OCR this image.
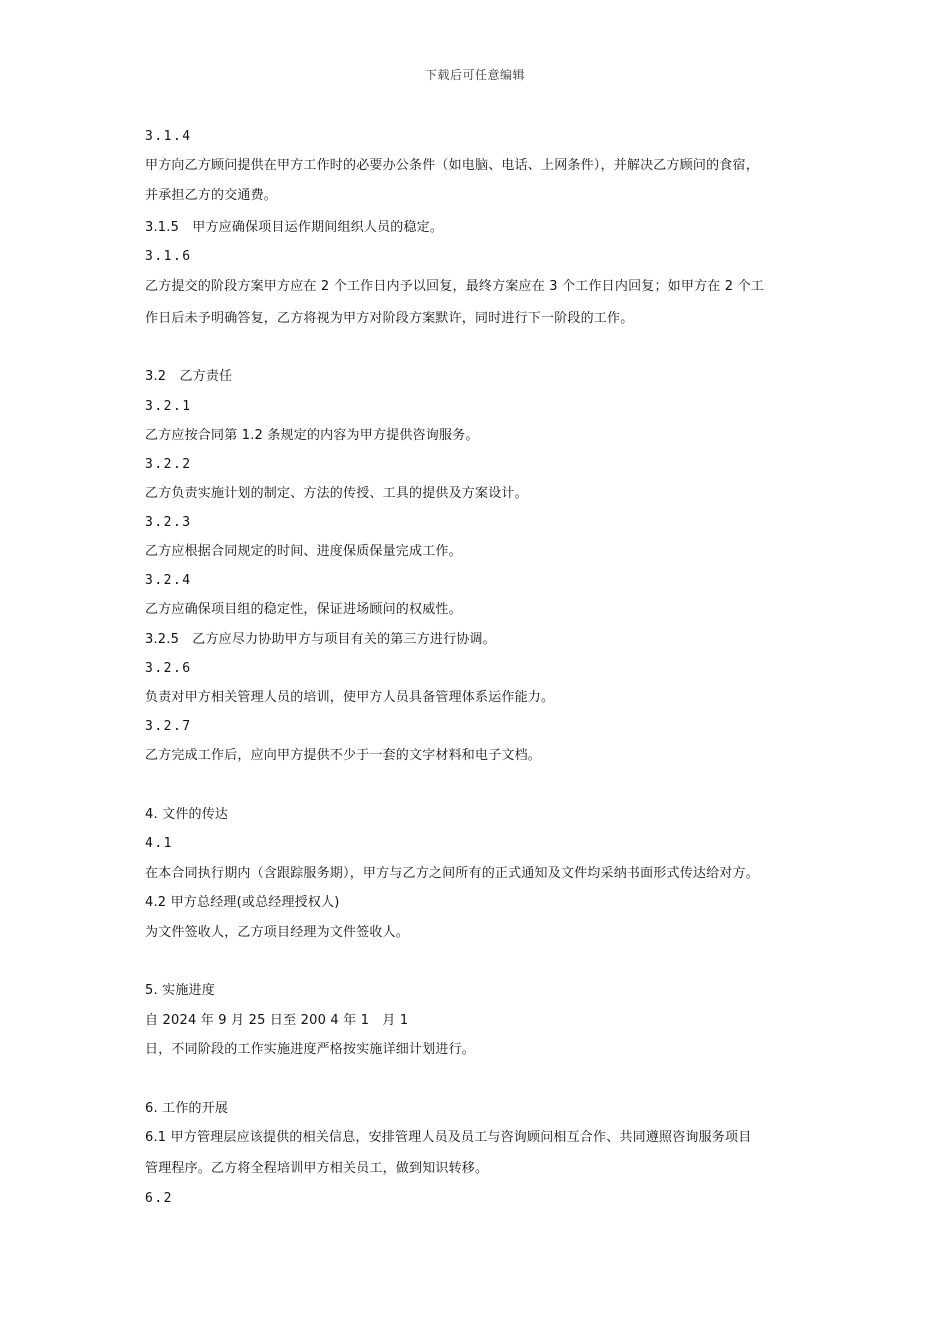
下载后可任意编辑
3.1.4
甲方向乙方顾问提供在甲方工作时的必要办公条件（如电脑、电话、上网条件），并解决乙方顾问的食宿，
并承担乙方的交通费。
3.1.5　甲方应确保项目运作期间组织人员的稳定。
3.1.6
乙方提交的阶段方案甲方应在 2 个工作日内予以回复，最终方案应在 3 个工作日内回复；如甲方在 2 个工
作日后未予明确答复，乙方将视为甲方对阶段方案默许，同时进行下一阶段的工作。
3.2　乙方责任
3.2.1
乙方应按合同第 1.2 条规定的内容为甲方提供咨询服务。
3.2.2
乙方负责实施计划的制定、方法的传授、工具的提供及方案设计。
3.2.3
乙方应根据合同规定的时间、进度保质保量完成工作。
3.2.4
乙方应确保项目组的稳定性，保证进场顾问的权威性。
3.2.5　乙方应尽力协助甲方与项目有关的第三方进行协调。
3.2.6
负责对甲方相关管理人员的培训，使甲方人员具备管理体系运作能力。
3.2.7
乙方完成工作后，应向甲方提供不少于一套的文字材料和电子文档。
4. 文件的传达
4.1
在本合同执行期内（含跟踪服务期），甲方与乙方之间所有的正式通知及文件均采纳书面形式传达给对方。
4.2 甲方总经理(或总经理授权人)
为文件签收人，乙方项目经理为文件签收人。
5. 实施进度
自 2024 年 9 月 25 日至 200 4 年 1　月 1
日，不同阶段的工作实施进度严格按实施详细计划进行。
6. 工作的开展
6.1 甲方管理层应该提供的相关信息，安排管理人员及员工与咨询顾问相互合作、共同遵照咨询服务项目
管理程序。乙方将全程培训甲方相关员工，做到知识转移。
6.2
